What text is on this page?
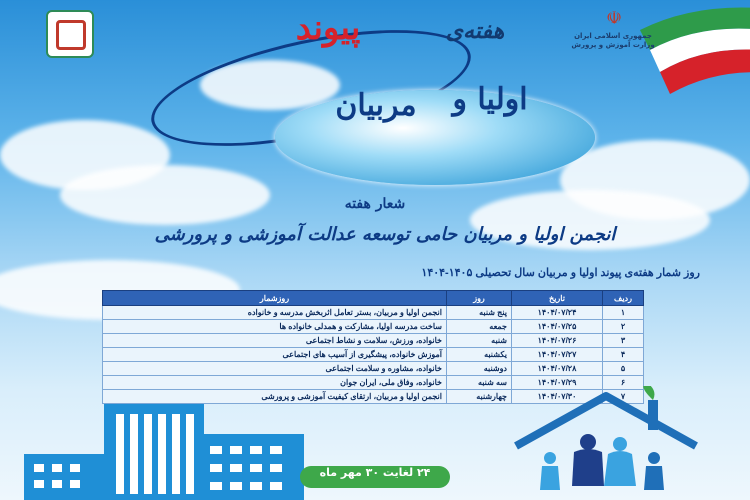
☫
جمهوری اسلامی ایران
وزارت آموزش و پرورش
هفته‌ی
پیوند
اولیا و
مربیان
شعار هفته
انجمن اولیا و مربیان حامی توسعه عدالت آموزشی و پرورشی
روز شمار هفته‌ی پیوند اولیا و مربیان سال تحصیلی ۱۴۰۵-۱۴۰۴
ردیف	تاریخ	روز	روزشمار
۱	۱۴۰۴/۰۷/۲۴	پنج شنبه	انجمن اولیا و مربیان، بستر تعامل اثربخش مدرسه و خانواده
۲	۱۴۰۴/۰۷/۲۵	جمعه	ساخت مدرسه اولیا، مشارکت و همدلی خانواده ها
۳	۱۴۰۴/۰۷/۲۶	شنبه	خانواده، ورزش، سلامت و نشاط اجتماعی
۴	۱۴۰۴/۰۷/۲۷	یکشنبه	آموزش خانواده، پیشگیری از آسیب های اجتماعی
۵	۱۴۰۴/۰۷/۲۸	دوشنبه	خانواده، مشاوره و سلامت اجتماعی
۶	۱۴۰۴/۰۷/۲۹	سه شنبه	خانواده، وفاق ملی، ایران جوان
۷	۱۴۰۴/۰۷/۳۰	چهارشنبه	انجمن اولیا و مربیان، ارتقای کیفیت آموزشی و پرورشی
۲۴ لغایت ۳۰ مهر ماه
